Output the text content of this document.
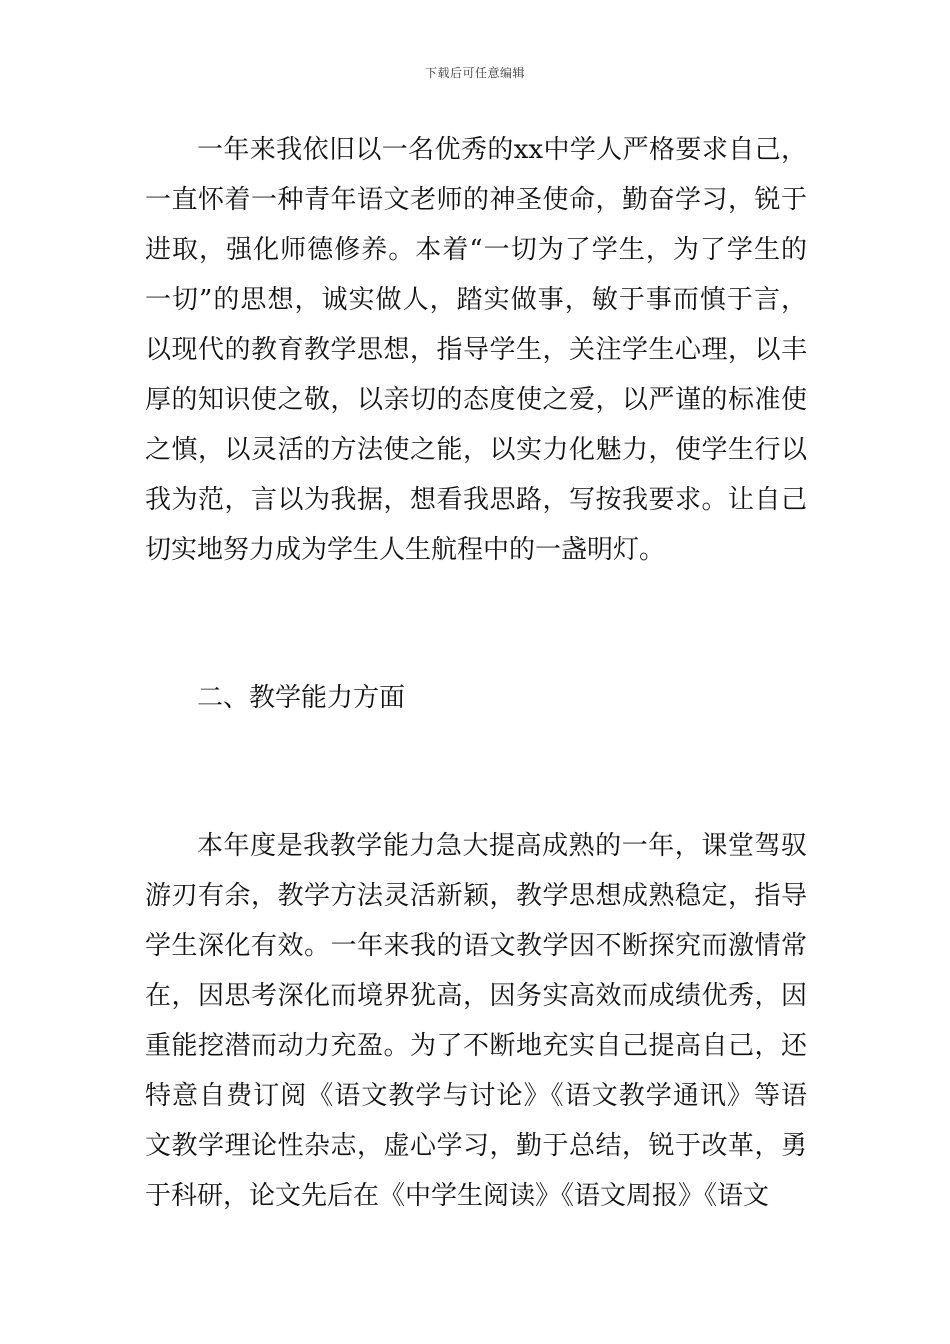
下载后可任意编辑

一年来我依旧以一名优秀的xx中学人严格要求自己，一直怀着一种青年语文老师的神圣使命，勤奋学习，锐于进取，强化师德修养。本着“一切为了学生，为了学生的一切”的思想，诚实做人，踏实做事，敏于事而慎于言，以现代的教育教学思想，指导学生，关注学生心理，以丰厚的知识使之敬，以亲切的态度使之爱，以严谨的标准使之慎，以灵活的方法使之能，以实力化魅力，使学生行以我为范，言以为我据，想看我思路，写按我要求。让自己切实地努力成为学生人生航程中的一盏明灯。

二、教学能力方面

本年度是我教学能力急大提高成熟的一年，课堂驾驭游刃有余，教学方法灵活新颖，教学思想成熟稳定，指导学生深化有效。一年来我的语文教学因不断探究而激情常在，因思考深化而境界犹高，因务实高效而成绩优秀，因重能挖潜而动力充盈。为了不断地充实自己提高自己，还特意自费订阅《语文教学与讨论》《语文教学通讯》等语文教学理论性杂志，虚心学习，勤于总结，锐于改革，勇于科研，论文先后在《中学生阅读》《语文周报》《语文
